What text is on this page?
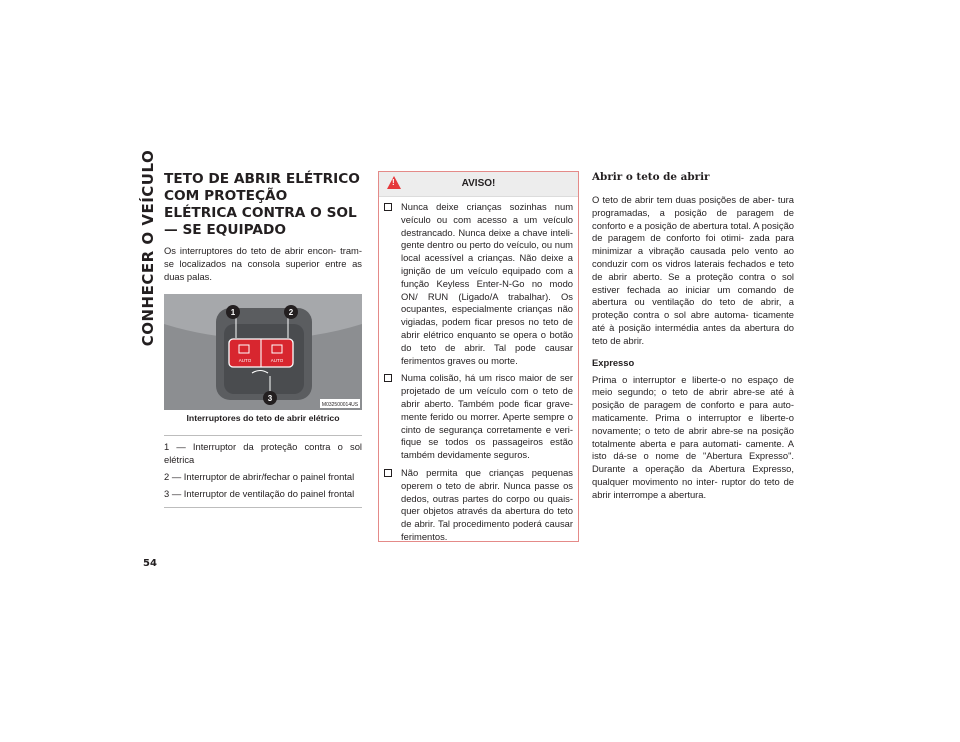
CONHECER O VEÍCULO
54
TETO DE ABRIR ELÉTRICO COM PROTEÇÃO ELÉTRICA CONTRA O SOL — SE EQUIPADO

Os interruptores do teto de abrir encon- tram-se localizados na consola superior entre as duas palas.

1	2
3
AUTO	AUTO
M032500014US
Interruptores do teto de abrir elétrico

1 — Interruptor da proteção contra o sol elétrica

2 — Interruptor de abrir/fechar o painel frontal

3 — Interruptor de ventilação do painel frontal

!
AVISO!

Nunca deixe crianças sozinhas num veículo ou com acesso a um veículo destrancado. Nunca deixe a chave inteli- gente dentro ou perto do veículo, ou num local acessível a crianças. Não deixe a ignição de um veículo equipado com a função Keyless Enter-N-Go no modo ON/ RUN (Ligado/A trabalhar). Os ocupantes, especialmente crianças não vigiadas, podem ficar presos no teto de abrir elétrico enquanto se opera o botão do teto de abrir. Tal pode causar ferimentos graves ou morte.

Numa colisão, há um risco maior de ser projetado de um veículo com o teto de abrir aberto. Também pode ficar grave- mente ferido ou morrer. Aperte sempre o cinto de segurança corretamente e veri- fique se todos os passageiros estão também devidamente seguros.

Não permita que crianças pequenas operem o teto de abrir. Nunca passe os dedos, outras partes do corpo ou quais- quer objetos através da abertura do teto de abrir. Tal procedimento poderá causar ferimentos.

Abrir o teto de abrir

O teto de abrir tem duas posições de aber- tura programadas, a posição de paragem de conforto e a posição de abertura total. A posição de paragem de conforto foi otimi- zada para minimizar a vibração causada pelo vento ao conduzir com os vidros laterais fechados e teto de abrir aberto. Se a proteção contra o sol estiver fechada ao iniciar um comando de abertura ou ventilação do teto de abrir, a proteção contra o sol abre automa- ticamente até à posição intermédia antes da abertura do teto de abrir.

Expresso

Prima o interruptor e liberte-o no espaço de meio segundo; o teto de abrir abre-se até à posição de paragem de conforto e para auto- maticamente. Prima o interruptor e liberte-o novamente; o teto de abrir abre-se na posição totalmente aberta e para automati- camente. A isto dá-se o nome de "Abertura Expresso". Durante a operação da Abertura Expresso, qualquer movimento no inter- ruptor do teto de abrir interrompe a abertura.
